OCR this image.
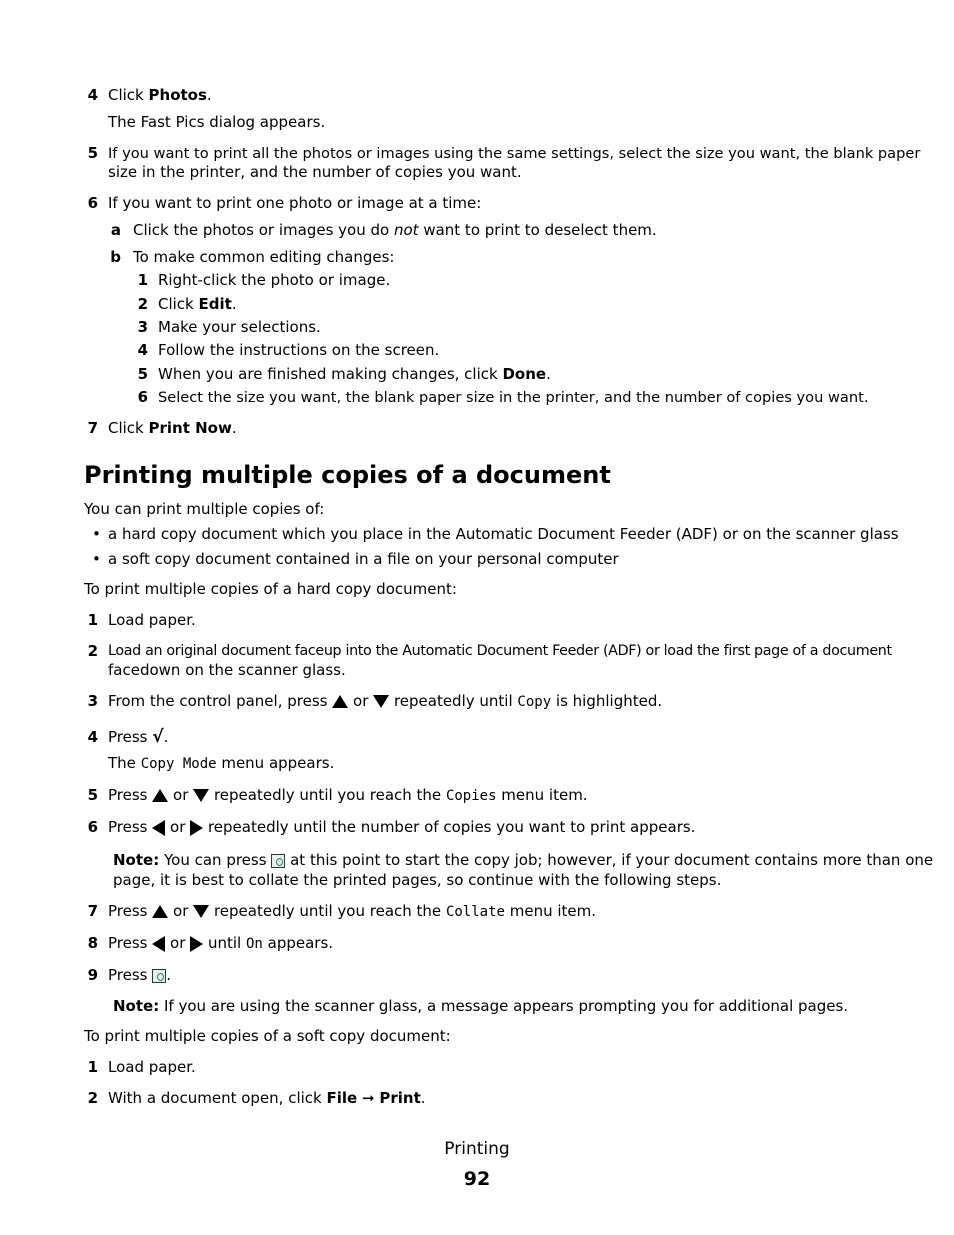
4 Click Photos.
The Fast Pics dialog appears.
5 If you want to print all the photos or images using the same settings, select the size you want, the blank paper
size in the printer, and the number of copies you want.
6 If you want to print one photo or image at a time:
a Click the photos or images you do not want to print to deselect them.
b To make common editing changes:
1 Right-click the photo or image.
2 Click Edit.
3 Make your selections.
4 Follow the instructions on the screen.
5 When you are finished making changes, click Done.
6 Select the size you want, the blank paper size in the printer, and the number of copies you want.
7 Click Print Now.
Printing multiple copies of a document
You can print multiple copies of:
• a hard copy document which you place in the Automatic Document Feeder (ADF) or on the scanner glass
• a soft copy document contained in a file on your personal computer
To print multiple copies of a hard copy document:
1 Load paper.
2 Load an original document faceup into the Automatic Document Feeder (ADF) or load the first page of a document
facedown on the scanner glass.
3 From the control panel, press or repeatedly until Copy is highlighted.
4 Press √.
The Copy Mode menu appears.
5 Press or repeatedly until you reach the Copies menu item.
6 Press or repeatedly until the number of copies you want to print appears.
Note: You can press at this point to start the copy job; however, if your document contains more than one
page, it is best to collate the printed pages, so continue with the following steps.
7 Press or repeatedly until you reach the Collate menu item.
8 Press or until On appears.
9 Press .
Note: If you are using the scanner glass, a message appears prompting you for additional pages.
To print multiple copies of a soft copy document:
1 Load paper.
2 With a document open, click File ➞ Print.
Printing
92
